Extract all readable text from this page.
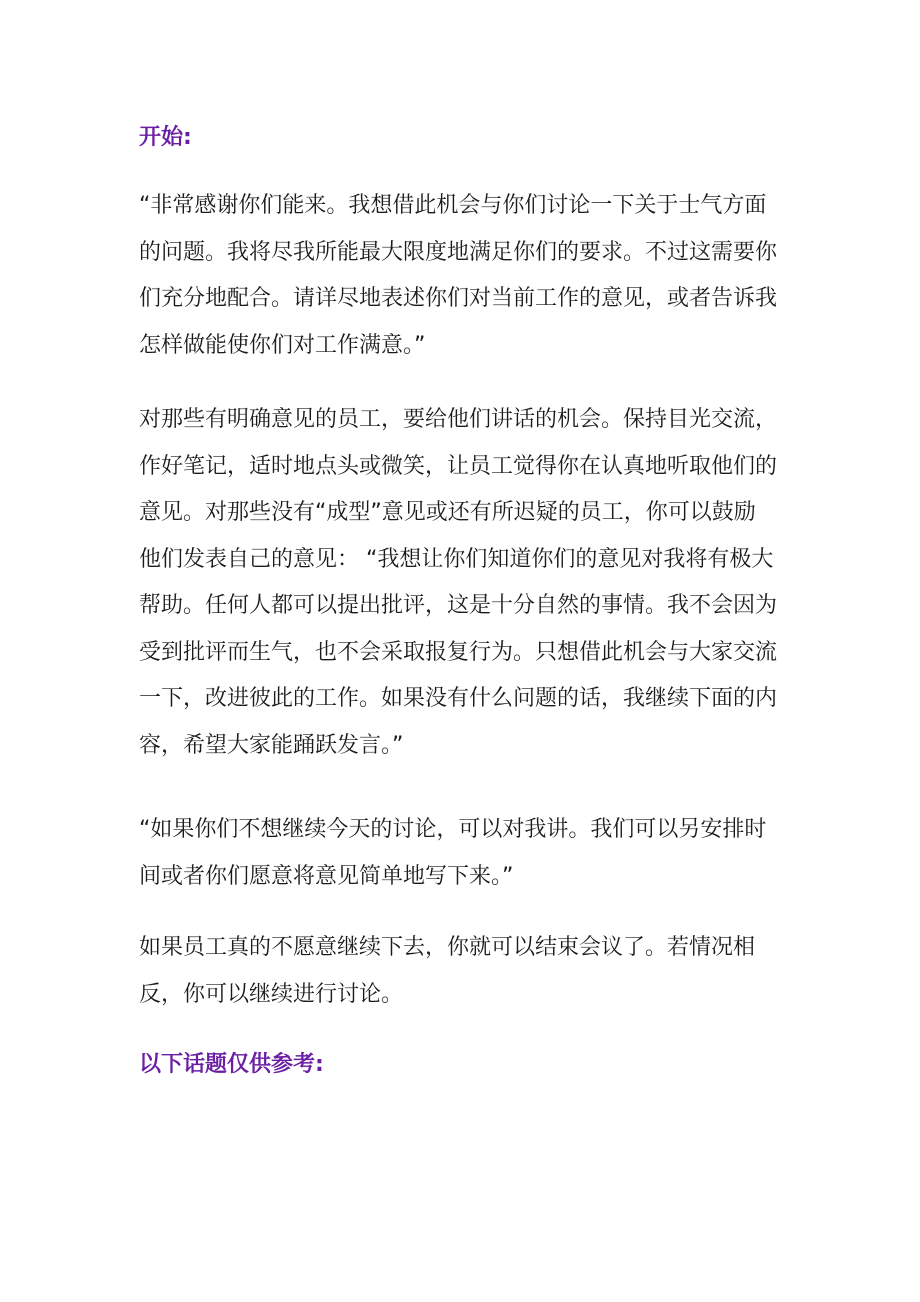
开始:

“非常感谢你们能来。我想借此机会与你们讨论一下关于士气方面
的问题。我将尽我所能最大限度地满足你们的要求。不过这需要你
们充分地配合。请详尽地表述你们对当前工作的意见，或者告诉我
怎样做能使你们对工作满意。”

对那些有明确意见的员工，要给他们讲话的机会。保持目光交流，
作好笔记，适时地点头或微笑，让员工觉得你在认真地听取他们的
意见。对那些没有“成型”意见或还有所迟疑的员工，你可以鼓励
他们发表自己的意见： “我想让你们知道你们的意见对我将有极大
帮助。任何人都可以提出批评，这是十分自然的事情。我不会因为
受到批评而生气，也不会采取报复行为。只想借此机会与大家交流
一下，改进彼此的工作。如果没有什么问题的话，我继续下面的内
容，希望大家能踊跃发言。”

“如果你们不想继续今天的讨论，可以对我讲。我们可以另安排时
间或者你们愿意将意见简单地写下来。”

如果员工真的不愿意继续下去，你就可以结束会议了。若情况相
反，你可以继续进行讨论。

以下话题仅供参考:
